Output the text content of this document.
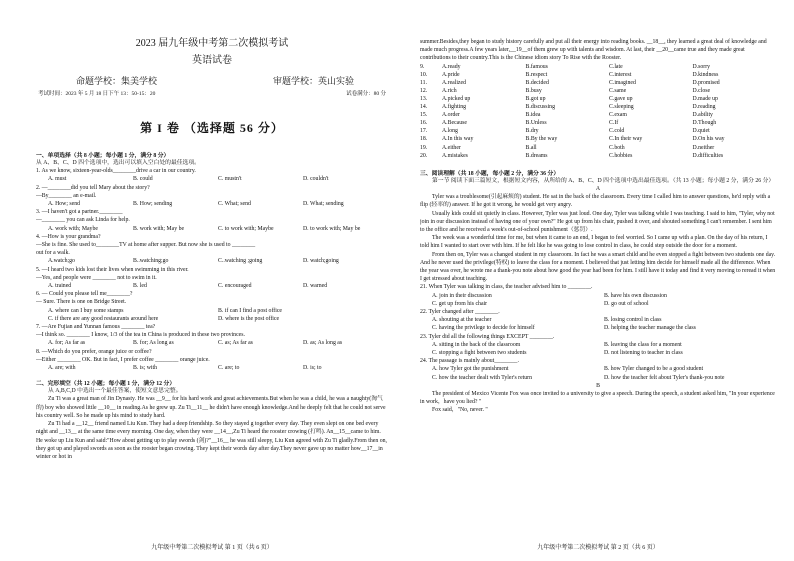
2023 届九年级中考第二次模拟考试
英语试卷
命题学校：集美学校	审题学校：英山实验
考试时间：2023 年 5 月 18 日下午 13：50-15：20	试卷满分：80 分
第 I 卷 （选择题 56 分）
一、单项选择（共 8 小题；每小题 1 分，满分 8 分）
从 A、B、C、D 四个选项中，选出可以填入空白处的最佳选项。
1. As we know, sixteen-year-olds________drive a car in our country.
A. must	B. could	C. mustn't	D. couldn't
2. —________did you tell Mary about the story?
—By________ an e-mail.
A. How; send	B. How; sending	C. What; send	D. What; sending
3. —I haven't got a partner.________
—________ you can ask Linda for help.
A. work with; Maybe	B. work with; May be	C. to work with; Maybe	D. to work with; May be
4. —How is your grandma?
—She is fine. She used to________TV at home after supper. But now she is used to ________
out for a walk.
A.watch;go	B..watching;go	C..watching ;going	D. watch;going
5. —I heard two kids lost their lives when swimming in this river.
—Yes, and people were ________ not to swim in it.
A. trained	B. led	C. encouraged	D. warned
6. — Could you please tell me________?
— Sure. There is one on Bridge Street.
A. where can I buy some stamps	B. if can I find a post office
C. if there are any good restaurants around here	D. where is the post office
7. —Are Fujian and Yunnan famous ________ tea?
—I think so. ________ I know, 1/3 of the tea in China is produced in these two provinces.
A. for; As far as	B. for; As long as	C. as; As far as	D. as; As long as
8. —Which do you prefer, orange juice or coffee?
—Either ________ OK. But in fact, I prefer coffee ________ orange juice.
A. are; with	B. is; with	C. are; to	D. is; to
二、完形填空（共 12 小题；每小题 1 分，满分 12 分）
从 A,B,C,D 中选出一个最佳答案，使短文意思完整。

Zu Ti was a great man of Jin Dynasty. He was __9__ for his hard work and great achievements.But when he was a child, he was a naughty(淘气的) boy who showed little __10__ in reading.As he grew up. Zu Ti__11__ he didn't have enough knowledge.And he deeply felt that he could not serve his country well. So he made up his mind to study hard.

Zu Ti had a __12__ friend named Liu Kun. They had a deep friendship. So they stayed g together every day. They even slept on one bed every night and __13__ at the same time every morning. One day, when they were __14__,Zu Ti heard the rooster crowing (打鸣). An__15__came to him. He woke up Liu Kun and said:"How about getting up to play swords (剑)?"__16__ he was still sleepy, Liu Kun agreed with Zu Ti gladly.From then on, they got up and played swords as soon as the rooster began crowing. They kept their words day after day.They never gave up no matter how__17__in winter or hot in

九年级中考第二次模拟考试 第 1 页（共 6 页）

summer.Besides,they began to study history carefully and put all their energy into reading books. __18__, they learned a great deal of knowledge and made much progress.A few years later,__19__of them grew up with talents and wisdom. At last, their __20__came true and they made great contributions to their country.This is the Chinese idiom story To Rise with the Rooster.

9.	A.ready	B.famous	C.late	D.sorry
10.	A.pride	B.respect	C.interest	D.kindness
11.	A.realized	B.decided	C.imagined	D.promised
12.	A.rich	B.busy	C.same	D.close
13.	A.picked up	B.got up	C.gave up	D.made up
14.	A.fighting	B.discussing	C.sleeping	D.reading
15.	A.order	B.idea	C.exam	D.ability
16.	A.Because	B.Unless	C.If	D.Though
17.	A.long	B.dry	C.cold	D.quiet
18.	A.In this way	B.By the way	C.In their way	D.On his way
19.	A.either	B.all	C.both	D.neither
20.	A.mistakes	B.dreams	C.hobbies	D.difficulties
三、阅读理解（共 18 小题，每小题 2 分，满分 36 分）

第一节 阅读下面三篇短文，根据短文内容，从所给的 A、B、C、D 四个选项中选出最佳选项。（共 13 小题；每小题 2 分，满分 26 分）

A

Tyler was a troublesome(引起麻烦的) student. He sat in the back of the classroom. Every time I called him to answer questions, he'd reply with a flip (轻率的) answer. If he got it wrong, he would get very angry.

Usually kids could sit quietly in class. However, Tyler was just loud. One day, Tyler was talking while I was teaching. I said to him, "Tyler, why not join in our discussion instead of having one of your own?" He got up from his chair, pushed it over, and shouted something I can't remember. I sent him to the office and he received a week's out-of-school punishment（惩罚）.

The week was a wonderful time for me, but when it came to an end, I began to feel worried. So I came up with a plan. On the day of his return, I told him I wanted to start over with him. If he felt like he was going to lose control in class, he could step outside the door for a moment.

From then on, Tyler was a changed student in my classroom. In fact he was a smart child and he even stopped a fight between two students one day. And he never used the privilege(特权) to leave the class for a moment. I believed that just letting him decide for himself made all the difference. When the year was over, he wrote me a thank-you note about how good the year had been for him. I still have it today and find it very moving to reread it when I get stressed about teaching.

21. When Tyler was talking in class, the teacher advised him to ________.
A. join in their discussion	B. have his own discussion
C. get up from his chair	D. go out of school
22. Tyler changed after ________.
A. shouting at the teacher	B. losing control in class
C. having the privilege to decide for himself	D. helping the teacher manage the class
23. Tyler did all the following things EXCEPT ________.
A. sitting in the back of the classroom	B. leaving the class for a moment
C. stopping a fight between two students	D. not listening to teacher in class
24. The passage is mainly about________.
A. how Tyler got the punishment	B. how Tyler changed to be a good student
C. how the teacher dealt with Tyler's return	D. how the teacher felt about Tyler's thank-you note
B

The president of Mexico Vicente Fox was once invited to a university to give a speech. During the speech, a student asked him, "In your experience in work，have you lied? "

Fox said，"No, never. "

九年级中考第二次模拟考试 第 2 页（共 6 页）
